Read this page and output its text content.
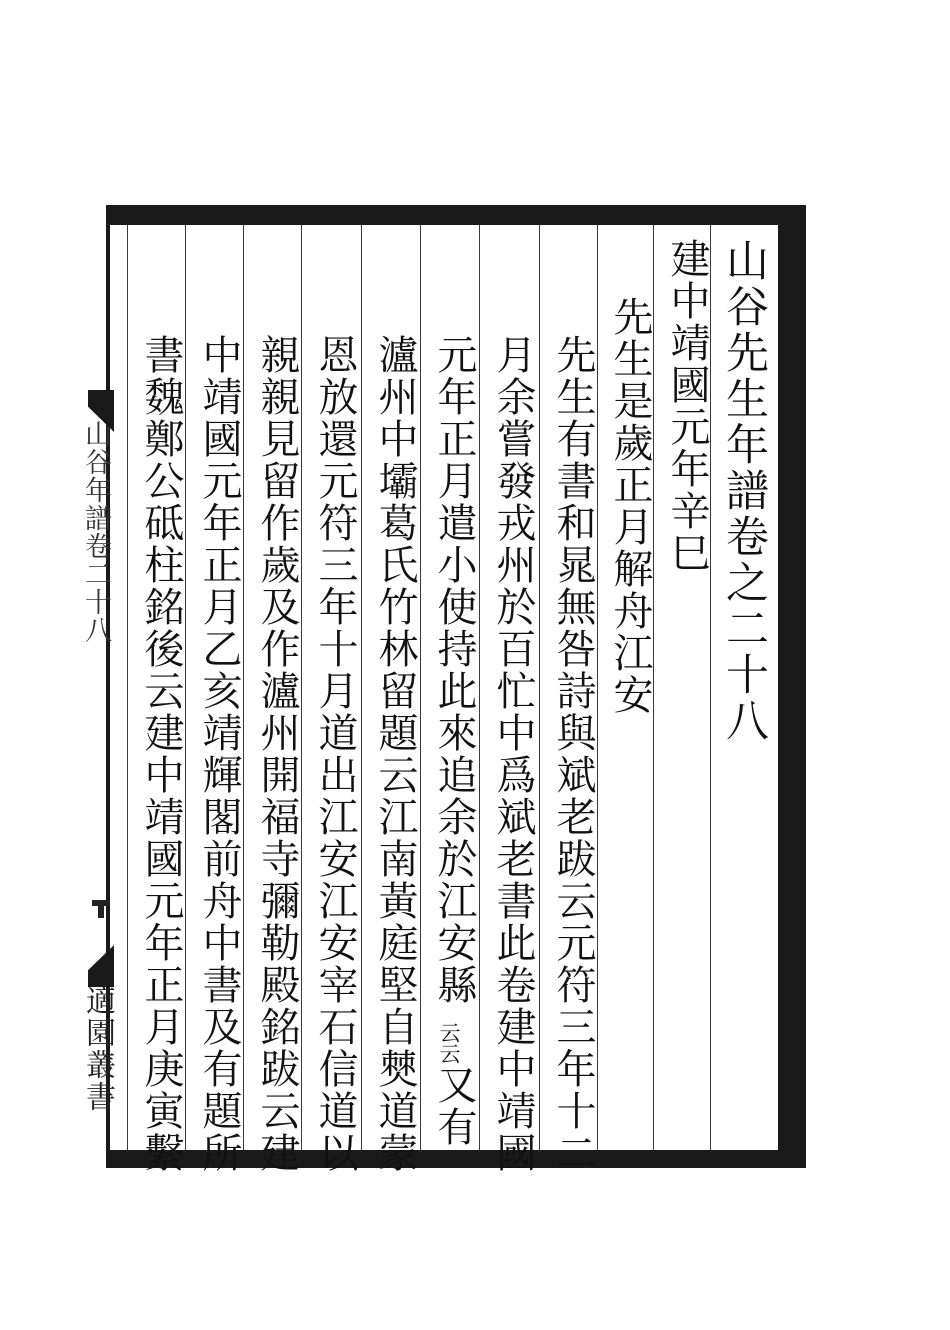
山谷先生年譜卷之二十八
建中靖國元年辛巳
先生是歲正月解舟江安
先生有書和晁無咎詩與斌老跋云元符三年十二
月余嘗發戎州於百忙中爲斌老書此卷建中靖國
元年正月遣小使持此來追余於江安縣
云云
又有
瀘州中壩葛氏竹林留題云江南黃庭堅自僰道蒙
恩放還元符三年十月道出江安江安宰石信道以
親親見留作歲及作瀘州開福寺彌勒殿銘跋云建
中靖國元年正月乙亥靖輝閣前舟中書及有題所
書魏鄭公砥柱銘後云建中靖國元年正月庚寅繫
山谷年譜卷二十八
適園叢書
